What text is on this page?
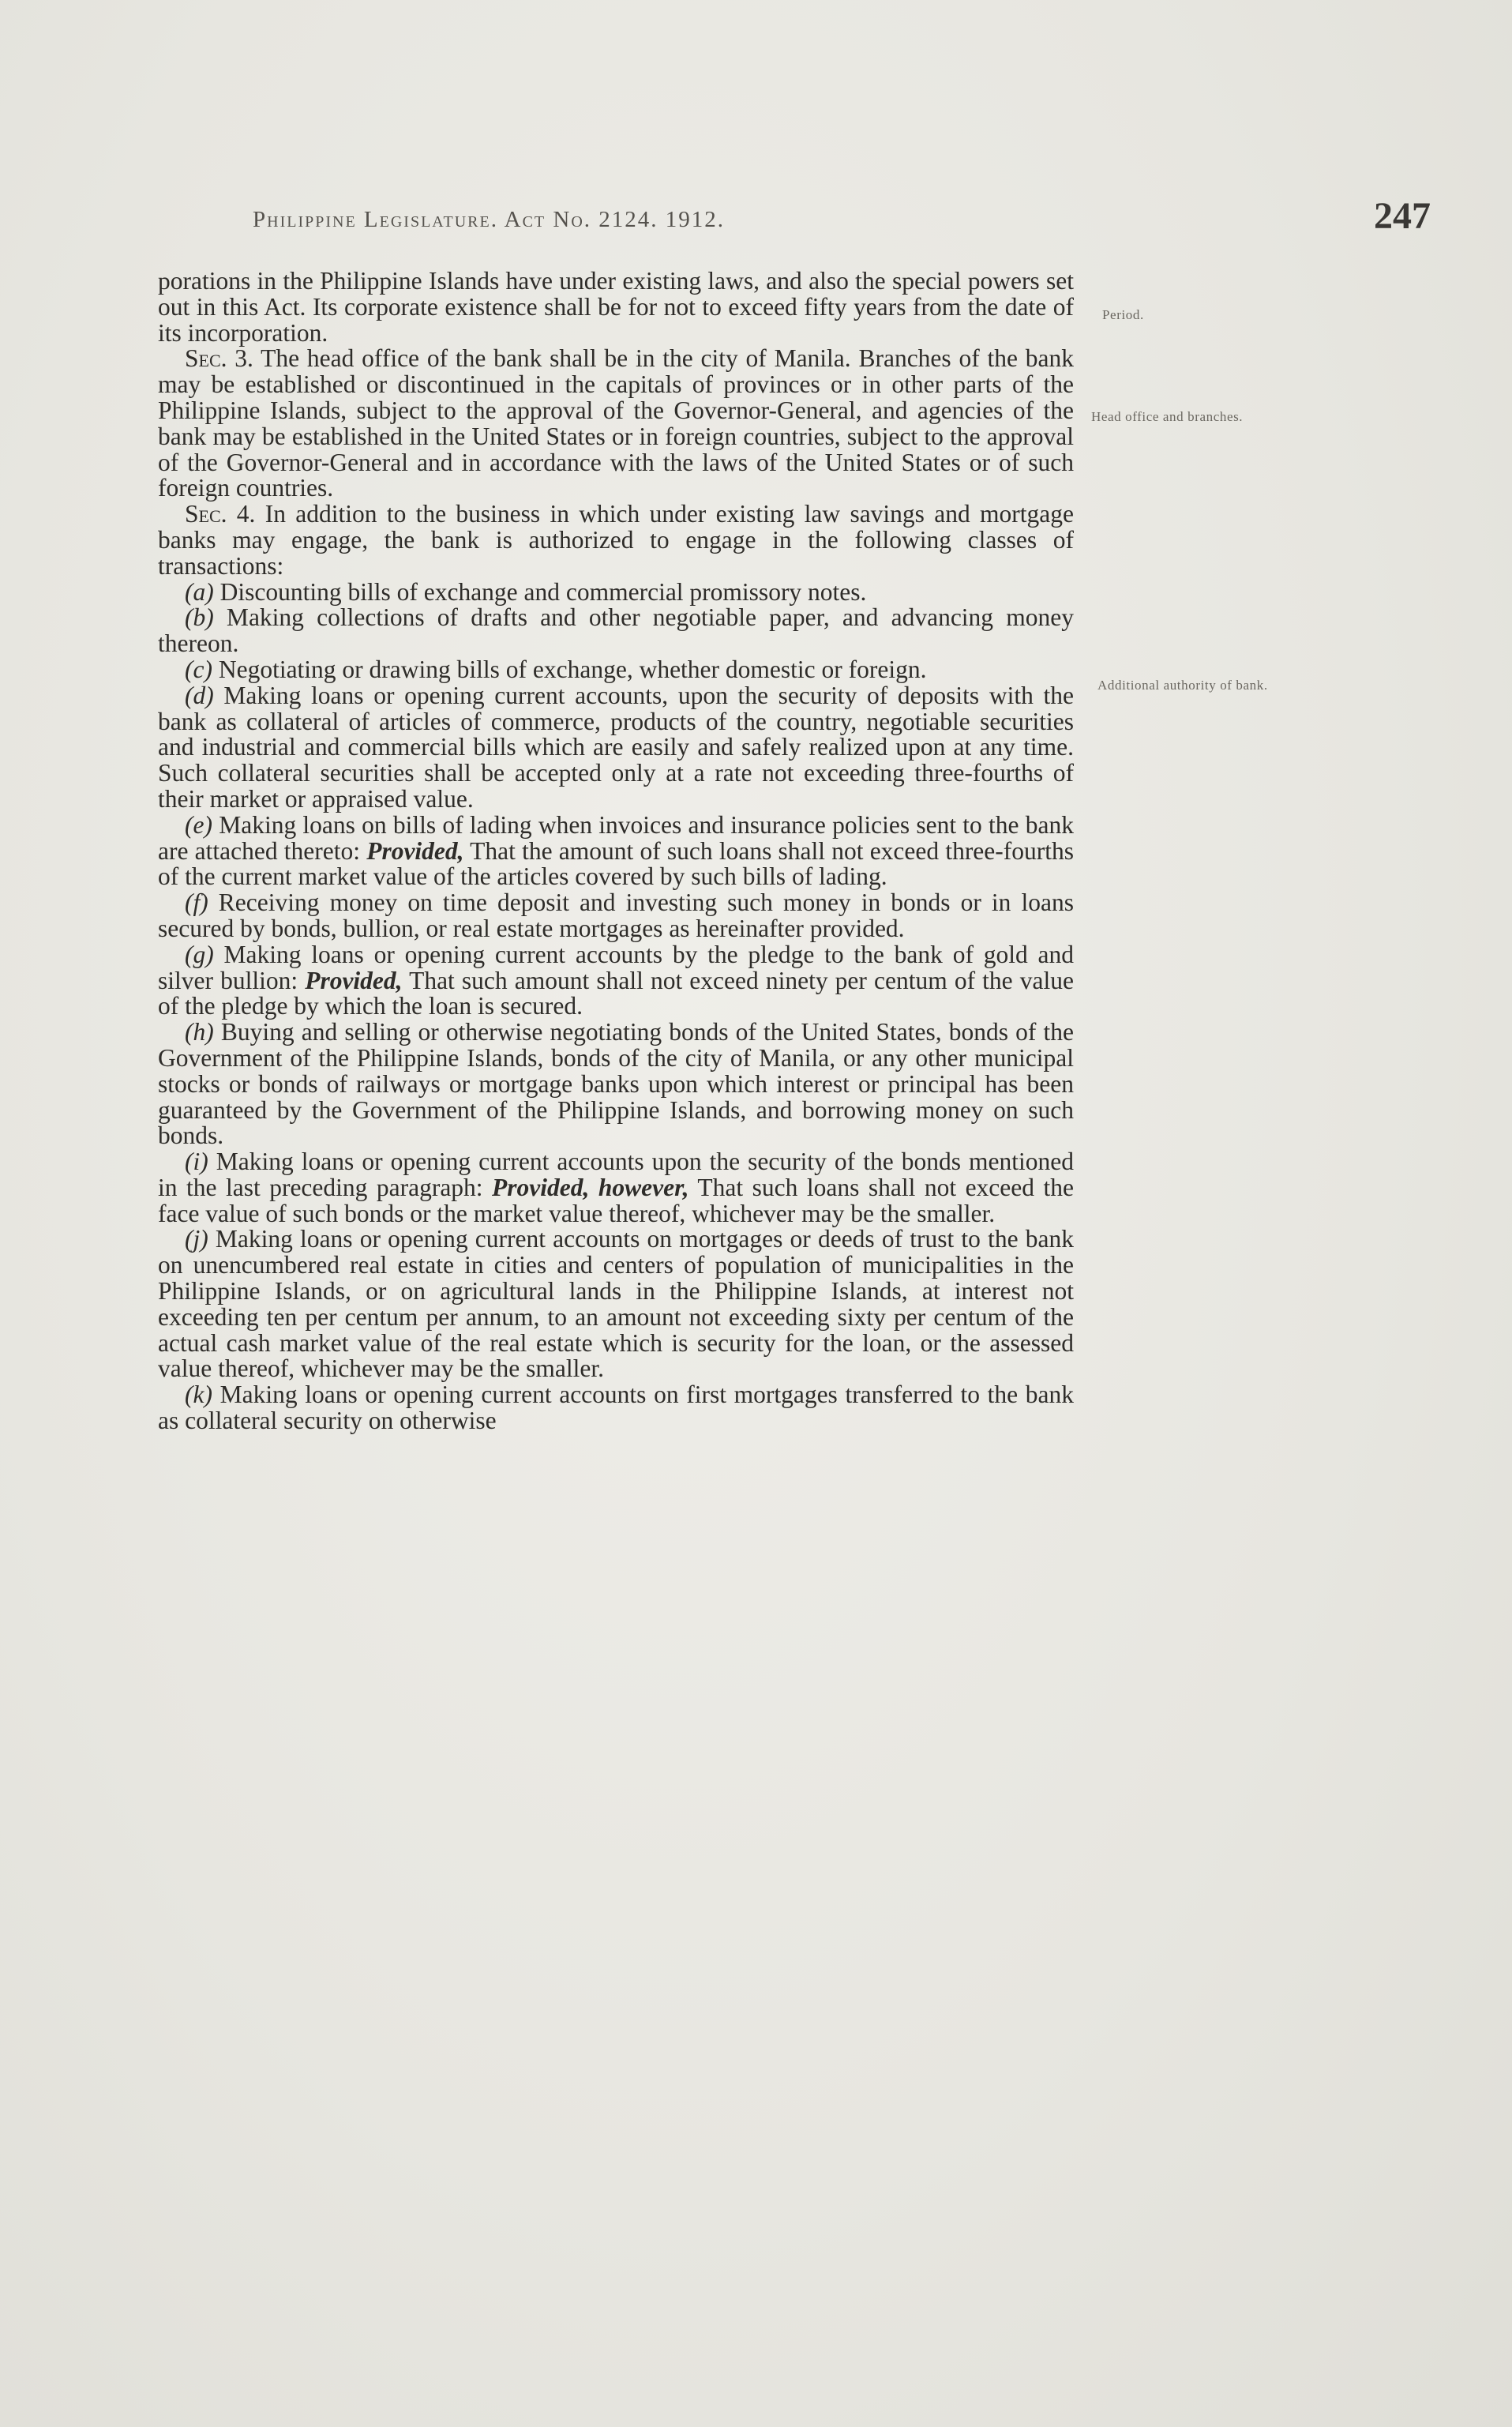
Philippine Legislature. Act No. 2124. 1912.	247
Period.
Head office and branches.
Additional authority of bank.

porations in the Philippine Islands have under existing laws, and also the special powers set out in this Act. Its corporate existence shall be for not to exceed fifty years from the date of its incorporation.

Sec. 3. The head office of the bank shall be in the city of Manila. Branches of the bank may be established or discontinued in the capitals of provinces or in other parts of the Philippine Islands, subject to the approval of the Governor-General, and agencies of the bank may be established in the United States or in foreign countries, subject to the approval of the Governor-General and in accordance with the laws of the United States or of such foreign countries.

Sec. 4. In addition to the business in which under existing law savings and mortgage banks may engage, the bank is authorized to engage in the following classes of transactions:

(a) Discounting bills of exchange and commercial promissory notes.

(b) Making collections of drafts and other negotiable paper, and advancing money thereon.

(c) Negotiating or drawing bills of exchange, whether domestic or foreign.

(d) Making loans or opening current accounts, upon the security of deposits with the bank as collateral of articles of commerce, products of the country, negotiable securities and industrial and commercial bills which are easily and safely realized upon at any time. Such collateral securities shall be accepted only at a rate not exceeding three-fourths of their market or appraised value.

(e) Making loans on bills of lading when invoices and insurance policies sent to the bank are attached thereto: Provided, That the amount of such loans shall not exceed three-fourths of the current market value of the articles covered by such bills of lading.

(f) Receiving money on time deposit and investing such money in bonds or in loans secured by bonds, bullion, or real estate mortgages as hereinafter provided.

(g) Making loans or opening current accounts by the pledge to the bank of gold and silver bullion: Provided, That such amount shall not exceed ninety per centum of the value of the pledge by which the loan is secured.

(h) Buying and selling or otherwise negotiating bonds of the United States, bonds of the Government of the Philippine Islands, bonds of the city of Manila, or any other municipal stocks or bonds of railways or mortgage banks upon which interest or principal has been guaranteed by the Government of the Philippine Islands, and borrowing money on such bonds.

(i) Making loans or opening current accounts upon the security of the bonds mentioned in the last preceding paragraph: Provided, however, That such loans shall not exceed the face value of such bonds or the market value thereof, whichever may be the smaller.

(j) Making loans or opening current accounts on mortgages or deeds of trust to the bank on unencumbered real estate in cities and centers of population of municipalities in the Philippine Islands, or on agricultural lands in the Philippine Islands, at interest not exceeding ten per centum per annum, to an amount not exceeding sixty per centum of the actual cash market value of the real estate which is security for the loan, or the assessed value thereof, whichever may be the smaller.

(k) Making loans or opening current accounts on first mortgages transferred to the bank as collateral security on otherwise
